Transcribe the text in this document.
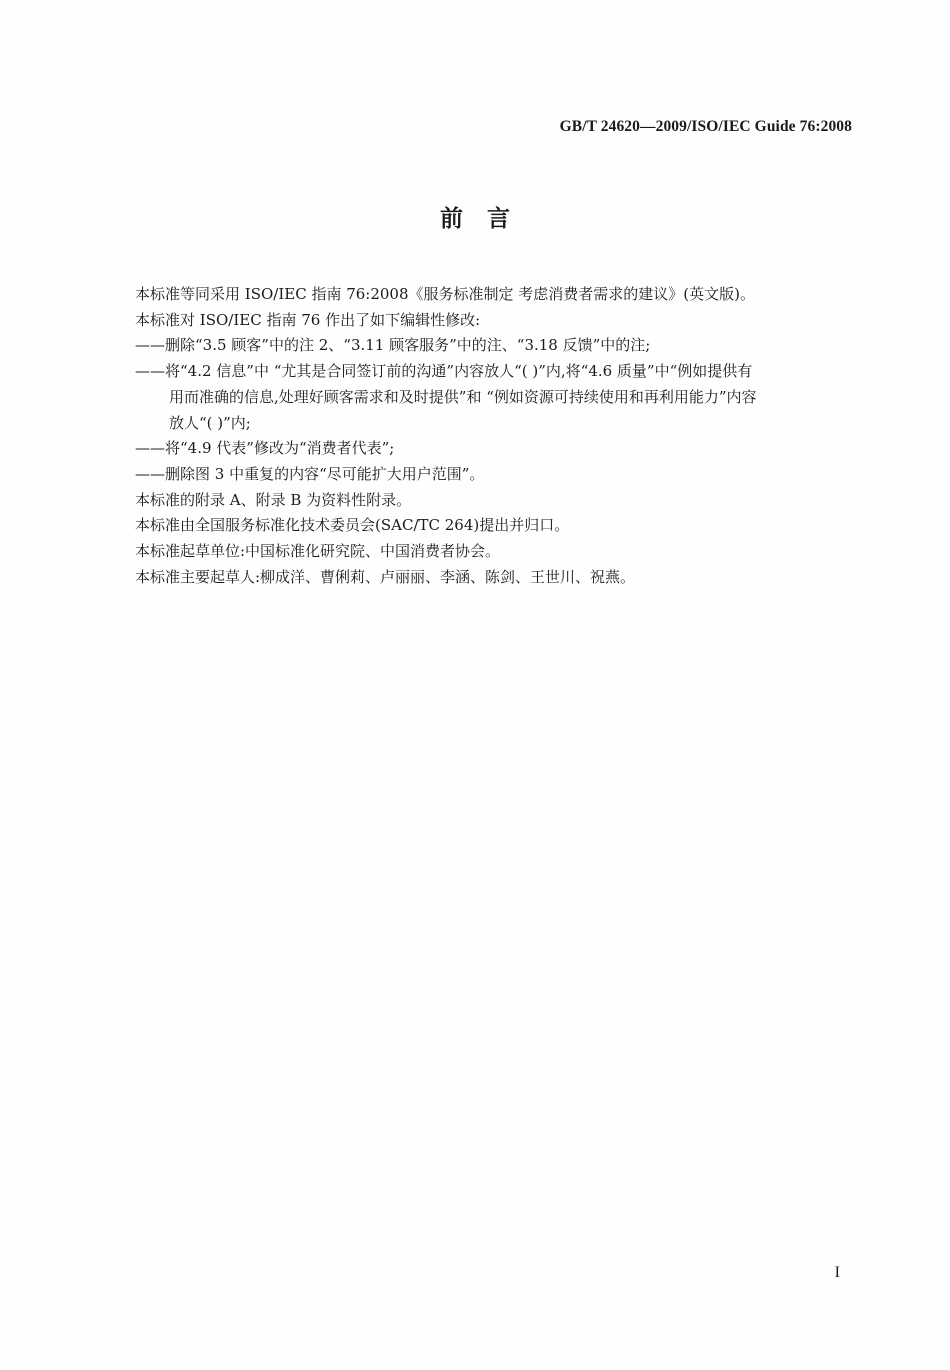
GB/T 24620—2009/ISO/IEC Guide 76:2008
前   言

本标准等同采用 ISO/IEC 指南 76:2008《服务标准制定 考虑消费者需求的建议》(英文版)。

本标准对 ISO/IEC 指南 76 作出了如下编辑性修改:

——删除“3.5 顾客”中的注 2、“3.11 顾客服务”中的注、“3.18 反馈”中的注;

——将“4.2 信息”中 “尤其是合同签订前的沟通”内容放人“( )”内,将“4.6 质量”中“例如提供有

用而准确的信息,处理好顾客需求和及时提供”和 “例如资源可持续使用和再利用能力”内容

放人“( )”内;

——将“4.9 代表”修改为“消费者代表”;

——删除图 3 中重复的内容“尽可能扩大用户范围”。

本标准的附录 A、附录 B 为资料性附录。

本标准由全国服务标准化技术委员会(SAC/TC 264)提出并归口。

本标准起草单位:中国标准化研究院、中国消费者协会。

本标准主要起草人:柳成洋、曹俐莉、卢丽丽、李涵、陈剑、王世川、祝燕。

I
